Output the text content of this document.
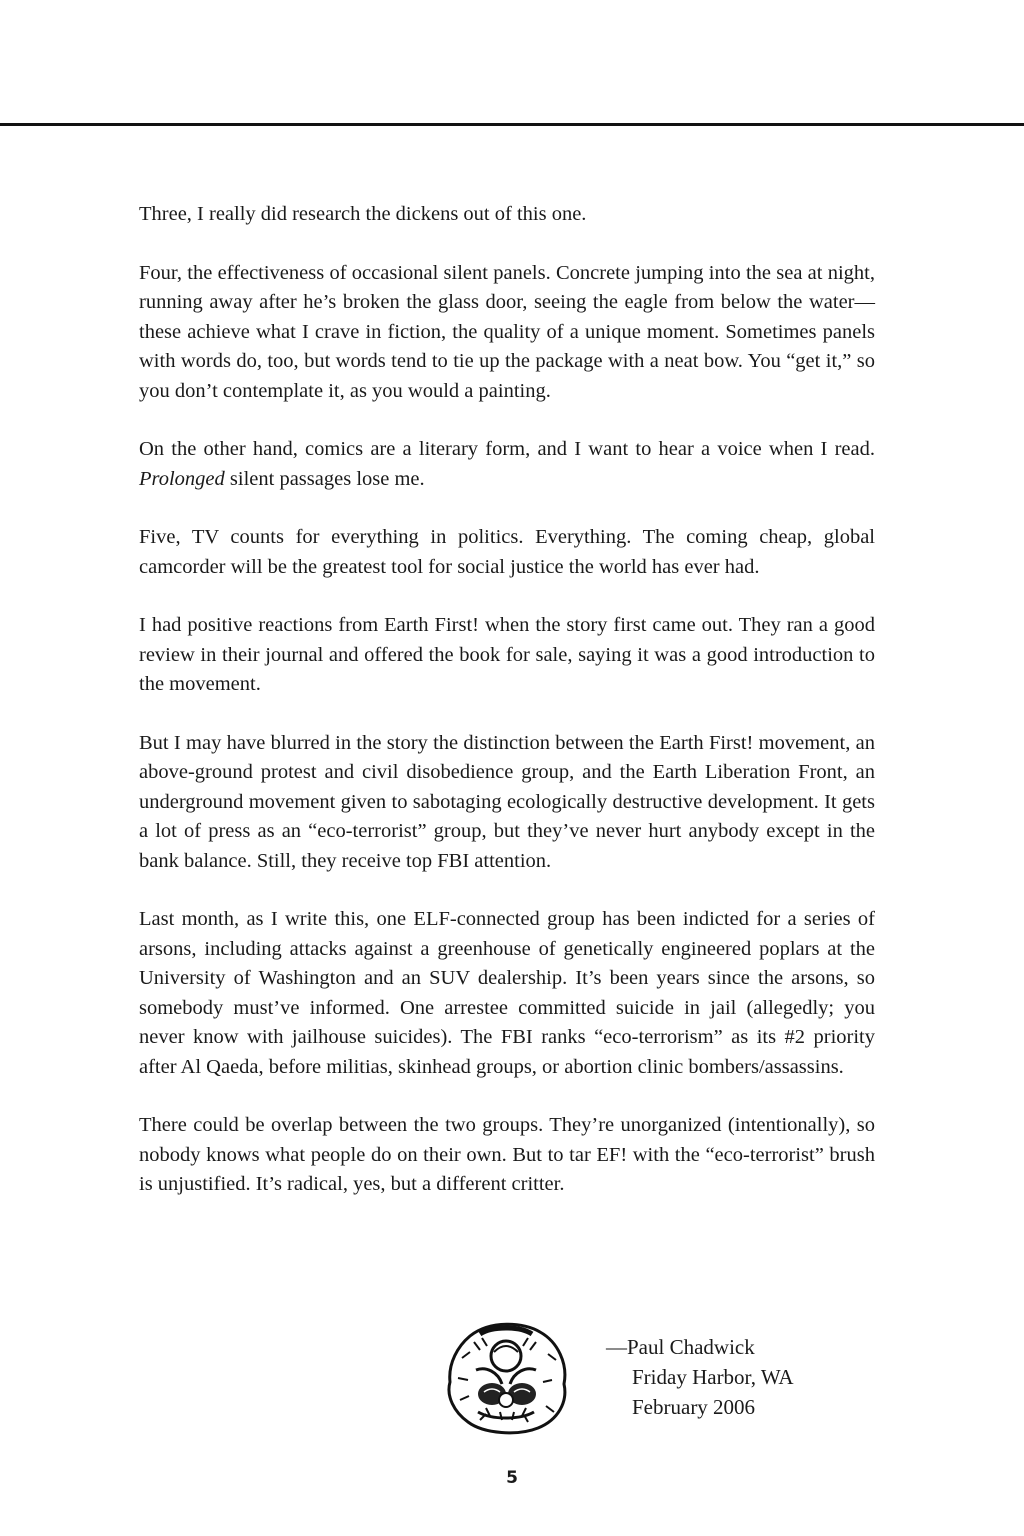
Three, I really did research the dickens out of this one.

Four, the effectiveness of occasional silent panels. Concrete jumping into the sea at night, running away after he’s broken the glass door, seeing the eagle from below the water—these achieve what I crave in fiction, the quality of a unique moment. Sometimes panels with words do, too, but words tend to tie up the package with a neat bow. You “get it,” so you don’t contemplate it, as you would a painting.

On the other hand, comics are a literary form, and I want to hear a voice when I read. Prolonged silent passages lose me.

Five, TV counts for everything in politics. Everything. The coming cheap, global camcorder will be the greatest tool for social justice the world has ever had.

I had positive reactions from Earth First! when the story first came out. They ran a good review in their journal and offered the book for sale, saying it was a good introduction to the movement.

But I may have blurred in the story the distinction between the Earth First! movement, an above-ground protest and civil disobedience group, and the Earth Liberation Front, an underground movement given to sabotaging ecologically destructive development. It gets a lot of press as an “eco-terrorist” group, but they’ve never hurt anybody except in the bank balance. Still, they receive top FBI attention.

Last month, as I write this, one ELF-connected group has been indicted for a series of arsons, including attacks against a greenhouse of genetically engineered poplars at the University of Washington and an SUV dealership. It’s been years since the arsons, so somebody must’ve informed. One arrestee committed suicide in jail (allegedly; you never know with jailhouse suicides). The FBI ranks “eco-terrorism” as its #2 priority after Al Qaeda, before militias, skinhead groups, or abortion clinic bombers/assassins.

There could be overlap between the two groups. They’re unorganized (intentionally), so nobody knows what people do on their own. But to tar EF! with the “eco-terrorist” brush is unjustified. It’s radical, yes, but a different critter.

—Paul Chadwick
Friday Harbor, WA
February 2006
5
